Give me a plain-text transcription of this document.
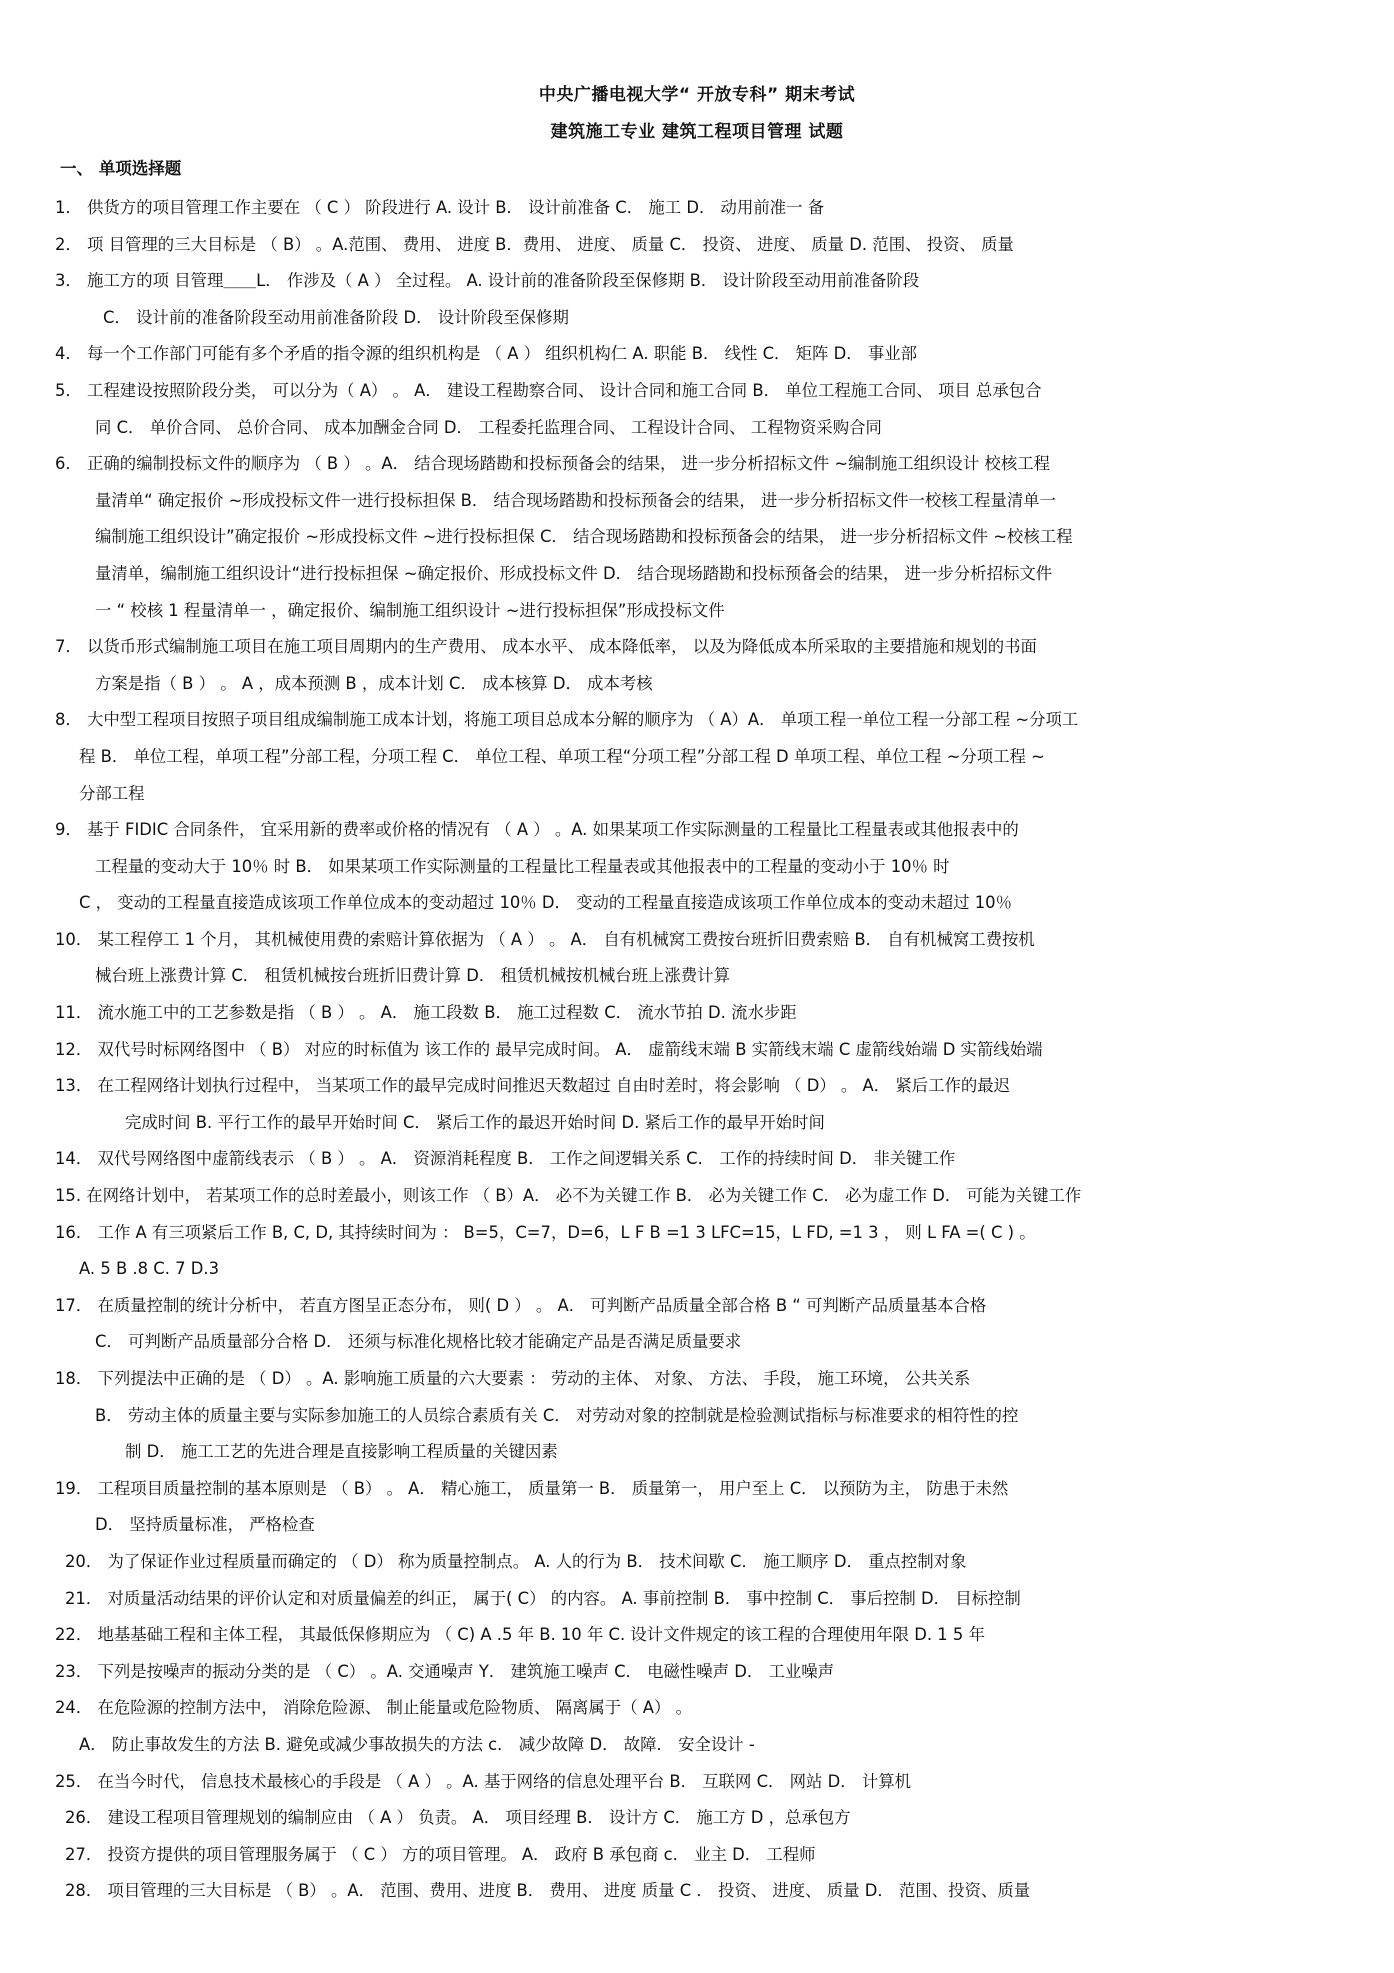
中央广播电视大学“ 开放专科” 期末考试
建筑施工专业 建筑工程项目管理 试题
一、 单项选择题
1． 供货方的项目管理工作主要在 （ C ） 阶段进行 A. 设计 B． 设计前准备 C． 施工 D． 动用前准一 备
2． 项 目管理的三大目标是 （ B） 。A.范围、 费用、 进度 B．费用、 进度、 质量 C． 投资、 进度、 质量 D. 范围、 投资、 质量
3． 施工方的项 目管理＿＿L． 作涉及（ A ） 全过程。 A. 设计前的准备阶段至保修期 B． 设计阶段至动用前准备阶段
C． 设计前的准备阶段至动用前准备阶段 D． 设计阶段至保修期
4． 每一个工作部门可能有多个矛盾的指令源的组织机构是 （ A ） 组织机构仁 A. 职能 B． 线性 C． 矩阵 D． 事业部
5． 工程建设按照阶段分类， 可以分为（ A） 。 A． 建设工程勘察合同、 设计合同和施工合同 B． 单位工程施工合同、 项目 总承包合
同 C． 单价合同、 总价合同、 成本加酬金合同 D． 工程委托监理合同、 工程设计合同、 工程物资采购合同
6． 正确的编制投标文件的顺序为 （ B ） 。A． 结合现场踏勘和投标预备会的结果， 进一步分析招标文件 ~编制施工组织设计 校核工程
量清单“ 确定报价 ~形成投标文件一进行投标担保 B． 结合现场踏勘和投标预备会的结果， 进一步分析招标文件一校核工程量清单一
编制施工组织设计”确定报价 ~形成投标文件 ~进行投标担保 C． 结合现场踏勘和投标预备会的结果， 进一步分析招标文件 ~校核工程
量清单，编制施工组织设计“进行投标担保 ~确定报价、形成投标文件 D． 结合现场踏勘和投标预备会的结果， 进一步分析招标文件
一 “ 校核 1 程量清单一 ，确定报价、编制施工组织设计 ~进行投标担保”形成投标文件
7． 以货币形式编制施工项目在施工项目周期内的生产费用、 成本水平、 成本降低率， 以及为降低成本所采取的主要措施和规划的书面
方案是指（ B ） 。 A ，成本预测 B ，成本计划 C． 成本核算 D． 成本考核
8． 大中型工程项目按照子项目组成编制施工成本计划，将施工项目总成本分解的顺序为 （ A）A． 单项工程一单位工程一分部工程 ~分项工
程 B． 单位工程，单项工程”分部工程，分项工程 C． 单位工程、单项工程“分项工程”分部工程 D 单项工程、单位工程 ~分项工程 ~
分部工程
9． 基于 FIDIC 合同条件， 宜采用新的费率或价格的情况有 （ A ） 。A. 如果某项工作实际测量的工程量比工程量表或其他报表中的
工程量的变动大于 10％ 时 B． 如果某项工作实际测量的工程量比工程量表或其他报表中的工程量的变动小于 10％ 时
C ， 变动的工程量直接造成该项工作单位成本的变动超过 10％ D． 变动的工程量直接造成该项工作单位成本的变动未超过 10％
10． 某工程停工 1 个月， 其机械使用费的索赔计算依据为 （ A ） 。 A． 自有机械窝工费按台班折旧费索赔 B． 自有机械窝工费按机
械台班上涨费计算 C． 租赁机械按台班折旧费计算 D． 租赁机械按机械台班上涨费计算
11． 流水施工中的工艺参数是指 （ B ） 。 A． 施工段数 B． 施工过程数 C． 流水节拍 D. 流水步距
12． 双代号时标网络图中 （ B） 对应的时标值为 该工作的 最早完成时间。 A． 虚箭线末端 B 实箭线末端 C 虚箭线始端 D 实箭线始端
13． 在工程网络计划执行过程中， 当某项工作的最早完成时间推迟天数超过 自由时差时，将会影响 （ D） 。 A． 紧后工作的最迟
完成时间 B. 平行工作的最早开始时间 C． 紧后工作的最迟开始时间 D. 紧后工作的最早开始时间
14． 双代号网络图中虚箭线表示 （ B ） 。 A． 资源消耗程度 B． 工作之间逻辑关系 C． 工作的持续时间 D． 非关键工作
15. 在网络计划中， 若某项工作的总时差最小，则该工作 （ B）A． 必不为关键工作 B． 必为关键工作 C． 必为虚工作 D． 可能为关键工作
16． 工作 A 有三项紧后工作 B, C, D, 其持续时间为 ： B=5，C=7，D=6，L F B =1 3 LFC=15，L FD, =1 3 ， 则 L FA =( C ) 。
A. 5 B .8 C. 7 D.3
17． 在质量控制的统计分析中， 若直方图呈正态分布， 则( D ） 。 A． 可判断产品质量全部合格 B “ 可判断产品质量基本合格
C． 可判断产品质量部分合格 D． 还须与标准化规格比较才能确定产品是否满足质量要求
18． 下列提法中正确的是 （ D） 。A. 影响施工质量的六大要素 ： 劳动的主体、 对象、 方法、 手段， 施工环境， 公共关系
B． 劳动主体的质量主要与实际参加施工的人员综合素质有关 C． 对劳动对象的控制就是检验测试指标与标准要求的相符性的控
制 D． 施工工艺的先进合理是直接影响工程质量的关键因素
19． 工程项目质量控制的基本原则是 （ B） 。 A． 精心施工， 质量第一 B． 质量第一， 用户至上 C． 以预防为主， 防患于未然
D． 坚持质量标准， 严格检查
20． 为了保证作业过程质量而确定的 （ D） 称为质量控制点。 A. 人的行为 B． 技术间歇 C． 施工顺序 D． 重点控制对象
21． 对质量活动结果的评价认定和对质量偏差的纠正， 属于( C） 的内容。 A. 事前控制 B． 事中控制 C． 事后控制 D． 目标控制
22． 地基基础工程和主体工程， 其最低保修期应为 （ C) A .5 年 B. 10 年 C. 设计文件规定的该工程的合理使用年限 D. 1 5 年
23． 下列是按噪声的振动分类的是 （ C） 。A. 交通噪声 Y． 建筑施工噪声 C． 电磁性噪声 D． 工业噪声
24． 在危险源的控制方法中， 消除危险源、 制止能量或危险物质、 隔离属于（ A） 。
A． 防止事故发生的方法 B. 避免或减少事故损失的方法 c． 减少故障 D． 故障． 安全设计 -
25． 在当今时代， 信息技术最核心的手段是 （ A ） 。A. 基于网络的信息处理平台 B． 互联网 C． 网站 D． 计算机
26． 建设工程项目管理规划的编制应由 （ A ） 负责。 A． 项目经理 B． 设计方 C． 施工方 D ，总承包方
27． 投资方提供的项目管理服务属于 （ C ） 方的项目管理。 A． 政府 B 承包商 c． 业主 D． 工程师
28． 项目管理的三大目标是 （ B） 。A． 范围、费用、进度 B． 费用、 进度 质量 C ． 投资、 进度、 质量 D． 范围、投资、质量
